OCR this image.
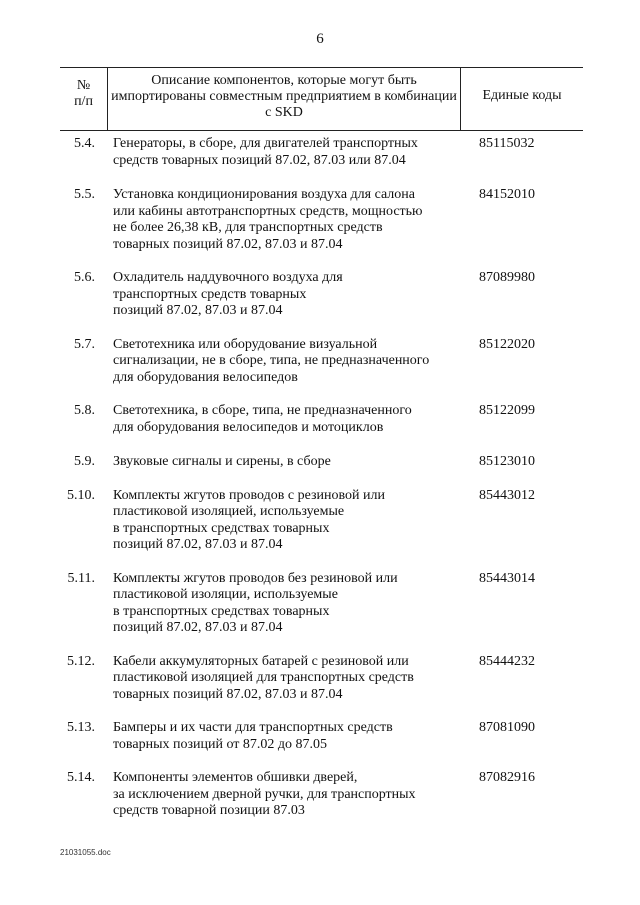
6
№
п/п
Описание компонентов, которые могут быть импортированы совместным предприятием в комбинации с SKD
Единые коды
5.4. Генераторы, в сборе, для двигателей транспортных
средств товарных позиций 87.02, 87.03 или 87.04
85115032
5.5. Установка кондиционирования воздуха для салона
или кабины автотранспортных средств, мощностью
не более 26,38 кВ, для транспортных средств
товарных позиций 87.02, 87.03 и 87.04
84152010
5.6. Охладитель наддувочного воздуха для
транспортных средств товарных
позиций 87.02, 87.03 и 87.04
87089980
5.7. Светотехника или оборудование визуальной
сигнализации, не в сборе, типа, не предназначенного
для оборудования велосипедов
85122020
5.8. Светотехника, в сборе, типа, не предназначенного
для оборудования велосипедов и мотоциклов
85122099
5.9. Звуковые сигналы и сирены, в сборе	85123010
5.10. Комплекты жгутов проводов с резиновой или
пластиковой изоляцией, используемые
в транспортных средствах товарных
позиций 87.02, 87.03 и 87.04
85443012
5.11. Комплекты жгутов проводов без резиновой или
пластиковой изоляции, используемые
в транспортных средствах товарных
позиций 87.02, 87.03 и 87.04
85443014
5.12. Кабели аккумуляторных батарей с резиновой или
пластиковой изоляцией для транспортных средств
товарных позиций 87.02, 87.03 и 87.04
85444232
5.13. Бамперы и их части для транспортных средств
товарных позиций от 87.02 до 87.05
87081090
5.14. Компоненты элементов обшивки дверей,
за исключением дверной ручки, для транспортных
средств товарной позиции 87.03
87082916
21031055.doc
